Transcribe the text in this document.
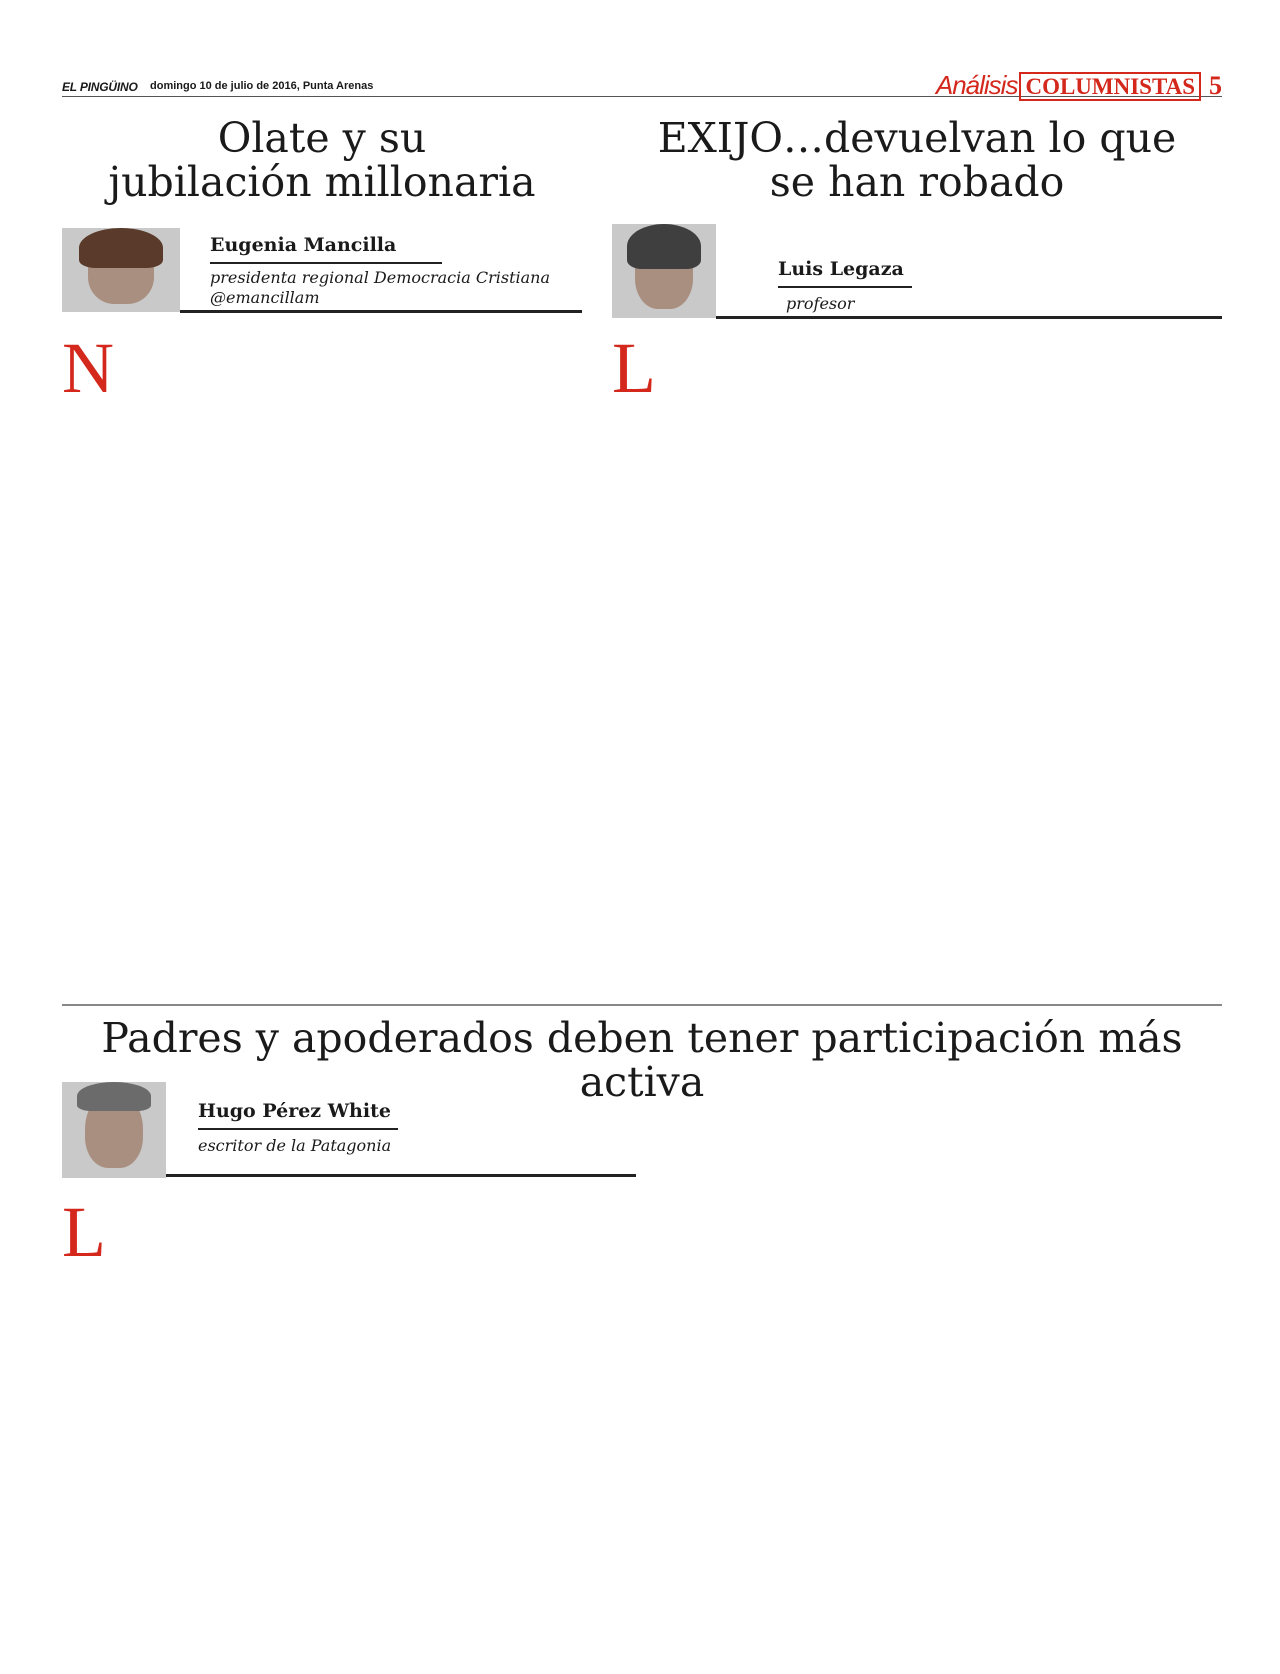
EL PINGÜINO domingo 10 de julio de 2016, Punta Arenas	Análisis COLUMNISTAS 5
Olate y su
jubilación millonaria
Eugenia Mancilla
presidenta regional Democracia Cristiana
@emancillam
N
EXIJO…devuelvan lo que
se han robado
Luis Legaza
profesor
L
Padres y apoderados deben tener participación más activa
Hugo Pérez White
escritor de la Patagonia
L
